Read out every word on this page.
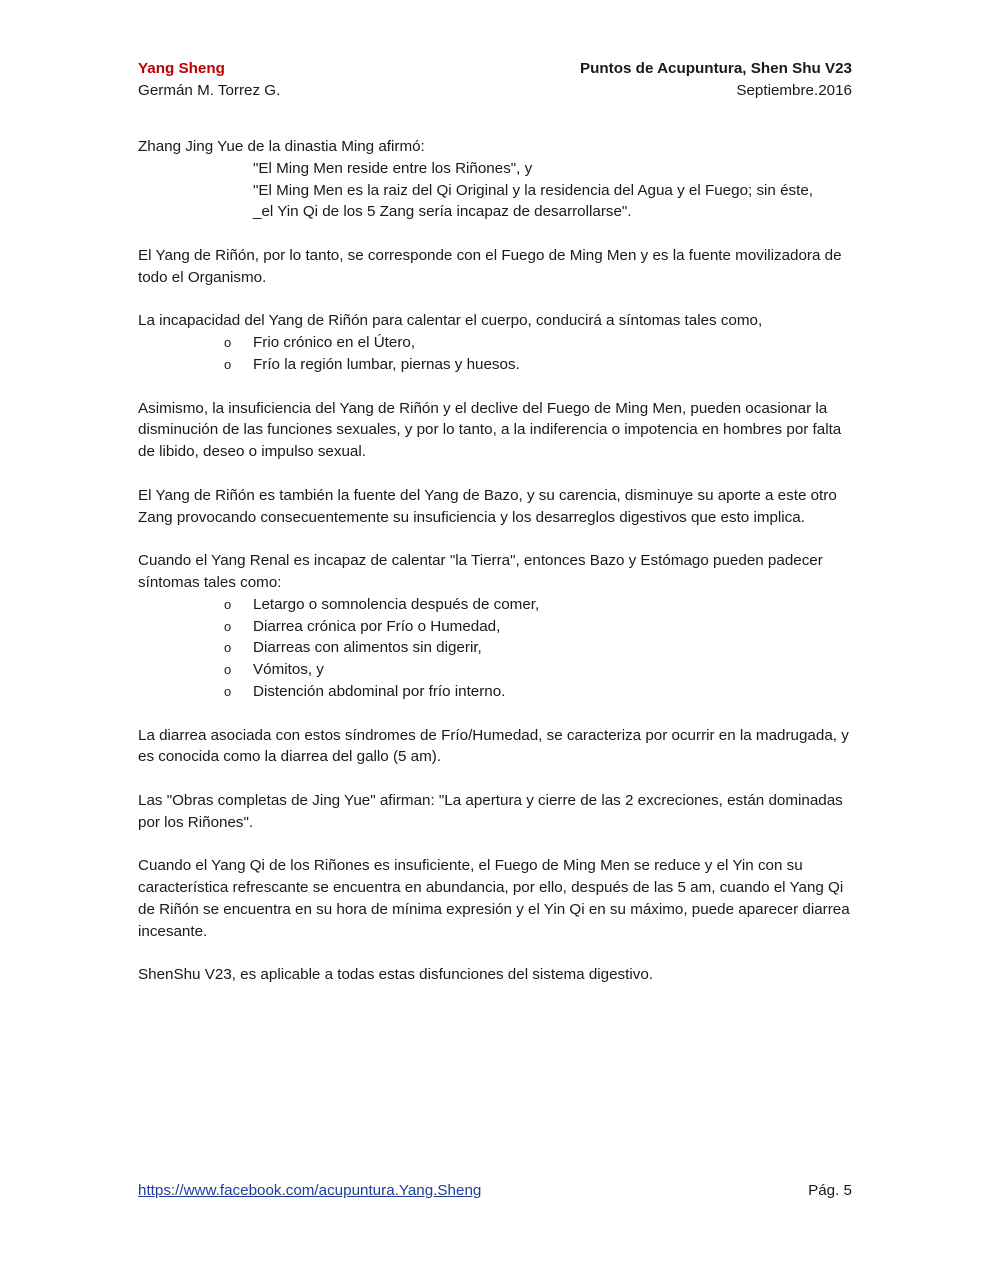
Yang Sheng	Puntos de Acupuntura, Shen Shu V23
Germán M. Torrez G.	Septiembre.2016

Zhang Jing Yue de la dinastia Ming afirmó:
"El Ming Men reside entre los Riñones", y
"El Ming Men es la raiz del Qi Original y la residencia del Agua y el Fuego; sin éste,
_el Yin Qi de los 5 Zang sería incapaz de desarrollarse".

El Yang de Riñón, por lo tanto, se corresponde con el Fuego de Ming Men y es la fuente movilizadora de todo el Organismo.

La incapacidad del Yang de Riñón para calentar el cuerpo, conducirá a síntomas tales como,
o Frio crónico en el Útero,
o Frío la región lumbar, piernas y huesos.

Asimismo, la insuficiencia del Yang de Riñón y el declive del Fuego de Ming Men, pueden ocasionar la disminución de las funciones sexuales, y por lo tanto, a la indiferencia o impotencia en hombres por falta de libido, deseo o impulso sexual.

El Yang de Riñón es también la fuente del Yang de Bazo, y su carencia, disminuye su aporte a este otro Zang provocando consecuentemente su insuficiencia y los desarreglos digestivos que esto implica.

Cuando el Yang Renal es incapaz de calentar "la Tierra", entonces Bazo y Estómago pueden padecer síntomas tales como:
o Letargo o somnolencia después de comer,
o Diarrea crónica por Frío o Humedad,
o Diarreas con alimentos sin digerir,
o Vómitos, y
o Distención abdominal por frío interno.

La diarrea asociada con estos síndromes de Frío/Humedad, se caracteriza por ocurrir en la madrugada, y es conocida como la diarrea del gallo (5 am).

Las "Obras completas de Jing Yue" afirman: "La apertura y cierre de las 2 excreciones, están dominadas por los Riñones".

Cuando el Yang Qi de los Riñones es insuficiente, el Fuego de Ming Men se reduce y el Yin con su característica refrescante se encuentra en abundancia, por ello, después de las 5 am, cuando el Yang Qi de Riñón se encuentra en su hora de mínima expresión y el Yin Qi en su máximo, puede aparecer diarrea incesante.

ShenShu V23, es aplicable a todas estas disfunciones del sistema digestivo.

https://www.facebook.com/acupuntura.Yang.Sheng	Pág. 5
